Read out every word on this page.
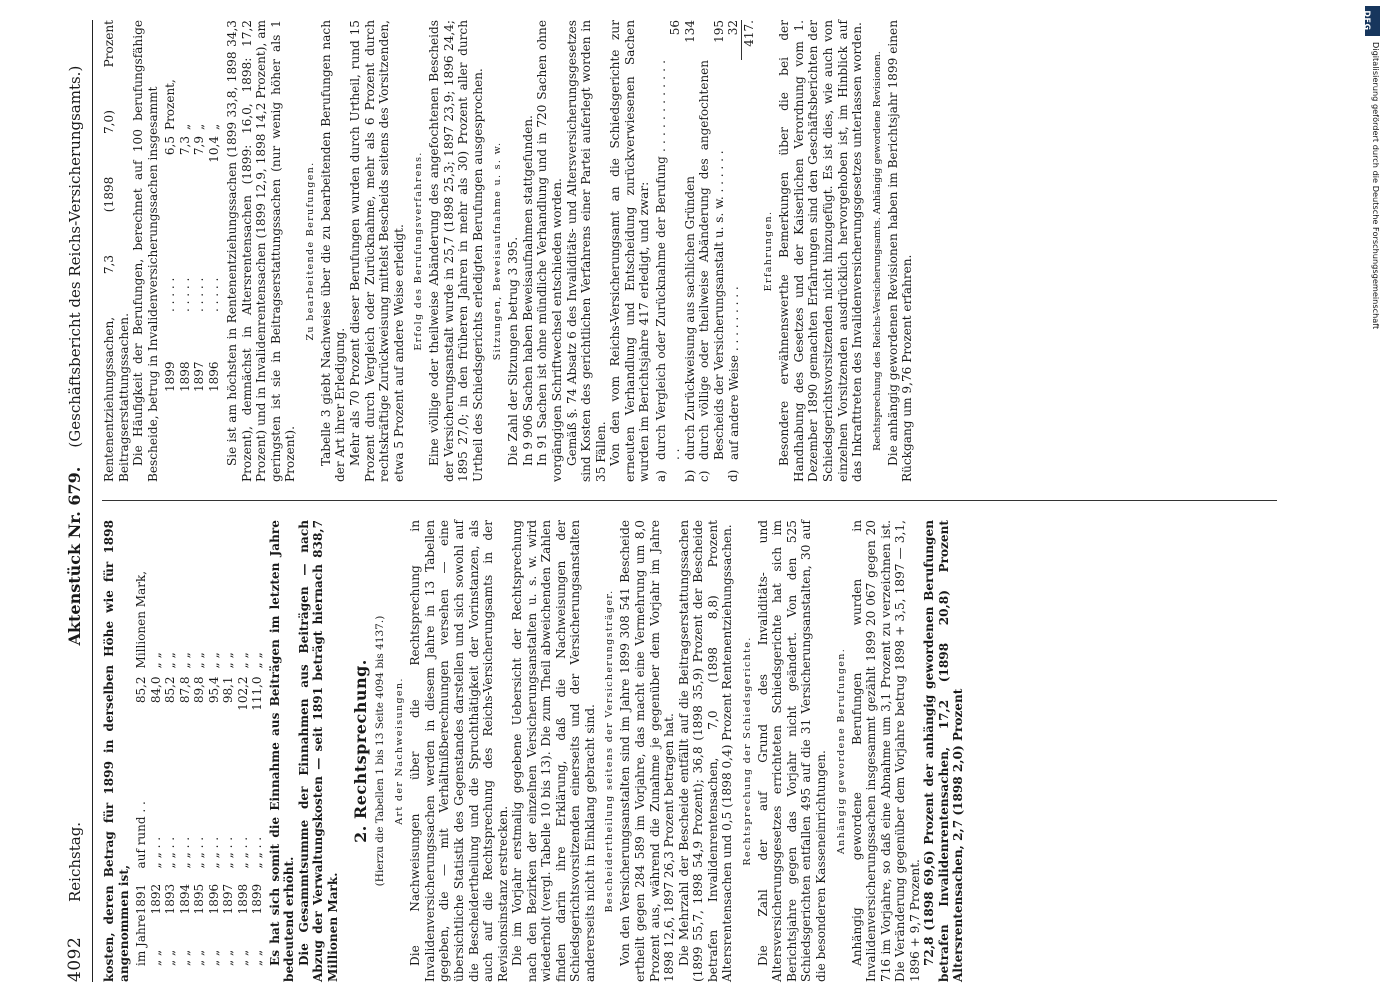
4092
Reichstag.                                     Aktenstück Nr. 679.    (Geschäftsbericht des Reichs-Versicherungsamts.)

kosten, deren Betrag für 1899 in derselben Höhe wie für 1898 angenommen ist, im Jahre	1891	auf rund . .	85,2	Millionen Mark,
„ „	1892	„ „ . .	84,0	„ „
„ „	1893	„ „ . .	85,2	„ „
„ „	1894	„ „ . .	87,8	„ „
„ „	1895	„ „ . .	89,8	„ „
„ „	1896	„ „ . .	95,4	„ „
„ „	1897	„ „ . .	98,1	„ „
„ „	1898	„ „ . .	102,2	„ „
„ „	1899	„ „ . .	111,0	„ „ Es hat sich somit die Einnahme aus Beiträgen im letzten Jahre bedeutend erhöht. Die Gesammtsumme der Einnahmen aus Beiträgen — nach Abzug der Verwaltungskosten — seit 1891 beträgt hiernach 838,7 Millionen Mark.

2. Rechtsprechung. (Hierzu die Tabellen 1 bis 13 Seite 4094 bis 4137.) Art der Nachweisungen. Die Nachweisungen über die Rechtsprechung in Invalidenversicherungssachen werden in diesem Jahre in 13 Tabellen gegeben, die — mit Verhältnißberechnungen versehen — eine übersichtliche Statistik des Gegenstandes darstellen und sich sowohl auf die Bescheidertheilung und die Spruchthätigkeit der Vorinstanzen, als auch auf die Rechtsprechung des Reichs-Versicherungsamts in der Revisionsinstanz erstrecken. Die im Vorjahr erstmalig gegebene Uebersicht der Rechtsprechung nach den Bezirken der einzelnen Versicherungsanstalten u. s. w. wird wiederholt (vergl. Tabelle 10 bis 13). Die zum Theil abweichenden Zahlen finden darin ihre Erklärung, daß die Nachweisungen der Schiedsgerichtsvorsitzenden einerseits und der Versicherungsanstalten andererseits nicht in Einklang gebracht sind. Bescheidertheilung seitens der Versicherungsträger. Von den Versicherungsanstalten sind im Jahre 1899 308 541 Bescheide ertheilt gegen 284 589 im Vorjahre, das macht eine Vermehrung um 8,0 Prozent aus, während die Zunahme je gegenüber dem Vorjahr im Jahre 1898 12,6, 1897 26,3 Prozent betragen hat. Die Mehrzahl der Bescheide entfällt auf die Beitragserstattungssachen (1899 55,7, 1898 54,9 Prozent); 36,8 (1898 35,9) Prozent der Bescheide betrafen Invalidenrentensachen, 7,0 (1898 8,8) Prozent Altersrentensachen und 0,5 (1898 0,4) Prozent Rentenentziehungssachen. Rechtsprechung der Schiedsgerichte. Die Zahl der auf Grund des Invaliditäts- und Altersversicherungsgesetzes errichteten Schiedsgerichte hat sich im Berichtsjahre gegen das Vorjahr nicht geändert. Von den 525 Schiedsgerichten entfallen 495 auf die 31 Versicherungsanstalten, 30 auf die besonderen Kasseneinrichtungen. Anhängig gewordene Berufungen. Anhängig gewordene Berufungen wurden in Invalidenversicherungssachen insgesammt gezählt 1899 20 067 gegen 20 716 im Vorjahre, so daß eine Abnahme um 3,1 Prozent zu verzeichnen ist. Die Veränderung gegenüber dem Vorjahre betrug 1898 + 3,5, 1897 — 3,1, 1896 + 9,7 Prozent. 72,8 (1898 69,6) Prozent der anhängig gewordenen Berufungen betrafen Invalidenrentensachen, 17,2 (1898 20,8) Prozent Altersrentensachen, 2,7 (1898 2,0) Prozent

Rentenentziehungssachen, 7,3 (1898 7,0) Prozent Beitragserstattungssachen. Die Häufigkeit der Berufungen, berechnet auf 100 berufungsfähige Bescheide, betrug in Invalidenversicherungssachen insgesammt 1899	. . . . .	6,5	Prozent,
1898	. . . . .	7,3	„
1897	. . . . .	7,9	„
1896	. . . . .	10,4	„ Sie ist am höchsten in Rentenentziehungssachen (1899 33,8, 1898 34,3 Prozent), demnächst in Altersrentensachen (1899: 16,0, 1898: 17,2 Prozent) und in Invalidenrentensachen (1899 12,9, 1898 14,2 Prozent), am geringsten ist sie in Beitragserstattungssachen (nur wenig höher als 1 Prozent).

Zu bearbeitende Berufungen. Tabelle 3 giebt Nachweise über die zu bearbeitenden Berufungen nach der Art ihrer Erledigung. Mehr als 70 Prozent dieser Berufungen wurden durch Urtheil, rund 15 Prozent durch Vergleich oder Zurücknahme, mehr als 6 Prozent durch rechtskräftige Zurückweisung mittelst Bescheids seitens des Vorsitzenden, etwa 5 Prozent auf andere Weise erledigt. Erfolg des Berufungsverfahrens. Eine völlige oder theilweise Abänderung des angefochtenen Bescheids der Versicherungsanstalt wurde in 25,7 (1898 25,3; 1897 23,9; 1896 24,4; 1895 27,0; in den früheren Jahren in mehr als 30) Prozent aller durch Urtheil des Schiedsgerichts erledigten Berufungen ausgesprochen. Sitzungen, Beweisaufnahme u. s. w. Die Zahl der Sitzungen betrug 3 395. In 9 906 Sachen haben Beweisaufnahmen stattgefunden. In 91 Sachen ist ohne mündliche Verhandlung und in 720 Sachen ohne vorgängigen Schriftwechsel entschieden worden. Gemäß §. 74 Absatz 6 des Invaliditäts- und Altersversicherungsgesetzes sind Kosten des gerichtlichen Verfahrens einer Partei auferlegt worden in 35 Fällen. Von den vom Reichs-Versicherungsamt an die Schiedsgerichte zur erneuten Verhandlung und Entscheidung zurückverwiesenen Sachen wurden im Berichtsjahre 417 erledigt, und zwar: a)	durch Vergleich oder Zurücknahme der Berufung . . . . . . . . . . . . . .	56
b)	durch Zurückweisung aus sachlichen Gründen	134
c)	durch völlige oder theilweise Abänderung des angefochtenen Bescheids der Versicherungsanstalt u. s. w. . . . . . .	195
d)	auf andere Weise . . . . . . . . .	32
		417.

Erfahrungen. Besondere erwähnenswerthe Bemerkungen über die bei der Handhabung des Gesetzes und der Kaiserlichen Verordnung vom 1. Dezember 1890 gemachten Erfahrungen sind den Geschäftsberichten der Schiedsgerichtsvorsitzenden nicht hinzugefügt. Es ist dies, wie auch von einzelnen Vorsitzenden ausdrücklich hervorgehoben ist, im Hinblick auf das Inkrafttreten des Invalidenversicherungsgesetzes unterlassen worden. Rechtsprechung des Reichs-Versicherungsamts. Anhängig gewordene Revisionen. Die anhängig gewordenen Revisionen haben im Berichtsjahr 1899 einen Rückgang um 9,76 Prozent erfahren.

DFG
Digitalisierung gefördert durch die Deutsche Forschungsgemeinschaft
